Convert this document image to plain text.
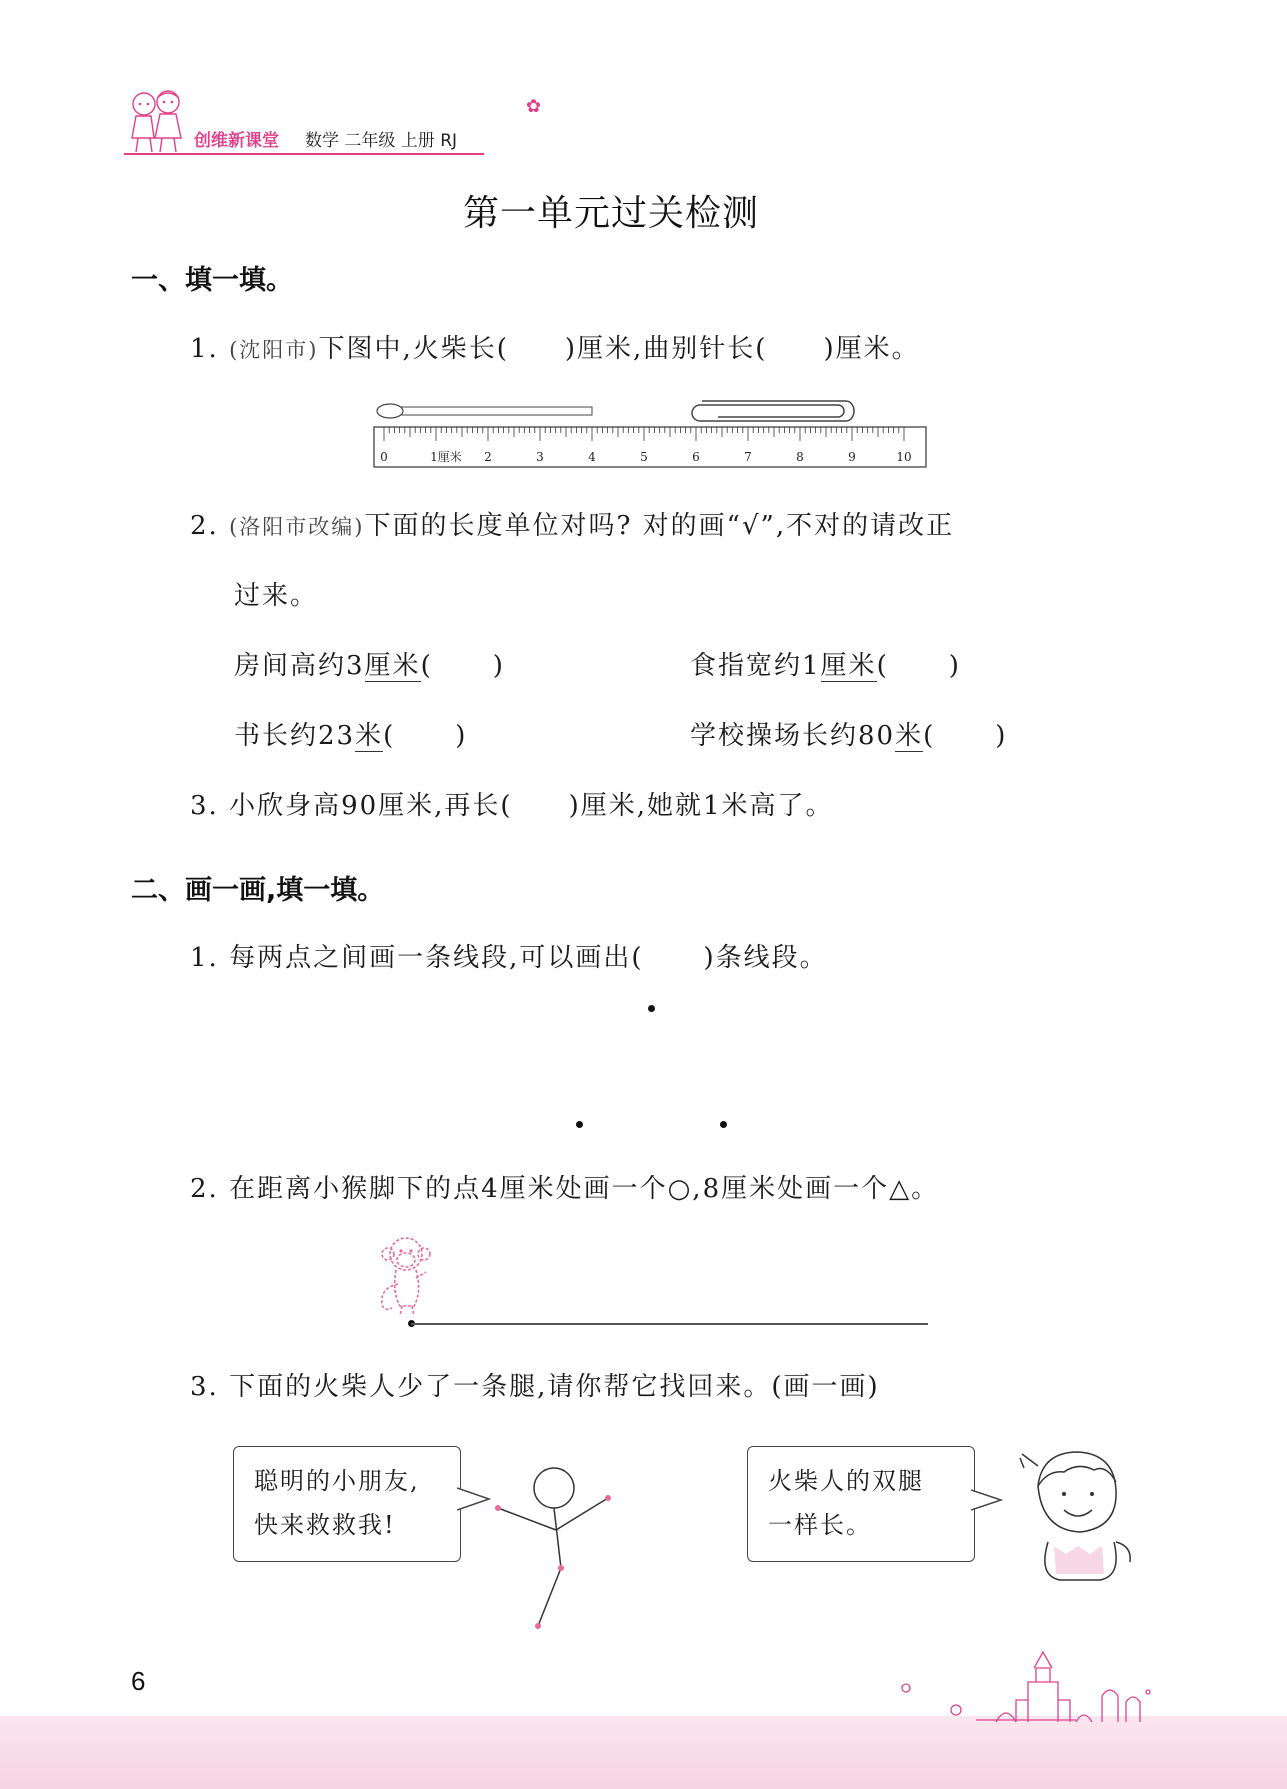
创维新课堂 数学 二年级 上册 RJ
✿
第一单元过关检测
一、填一填。
1. (沈阳市)下图中,火柴长( )厘米,曲别针长( )厘米。
0	1厘米 2	3	4	5	6	7	8	9	10
2. (洛阳市改编)下面的长度单位对吗? 对的画“√”,不对的请改正
过来。
房间高约3厘米( )	食指宽约1厘米( )
书长约23米( )	学校操场长约80米( )
3. 小欣身高90厘米,再长( )厘米,她就1米高了。
二、画一画,填一填。
1. 每两点之间画一条线段,可以画出( )条线段。
2. 在距离小猴脚下的点4厘米处画一个○,8厘米处画一个△。
3. 下面的火柴人少了一条腿,请你帮它找回来。(画一画)
聪明的小朋友,
快来救救我!
火柴人的双腿
一样长。
6
